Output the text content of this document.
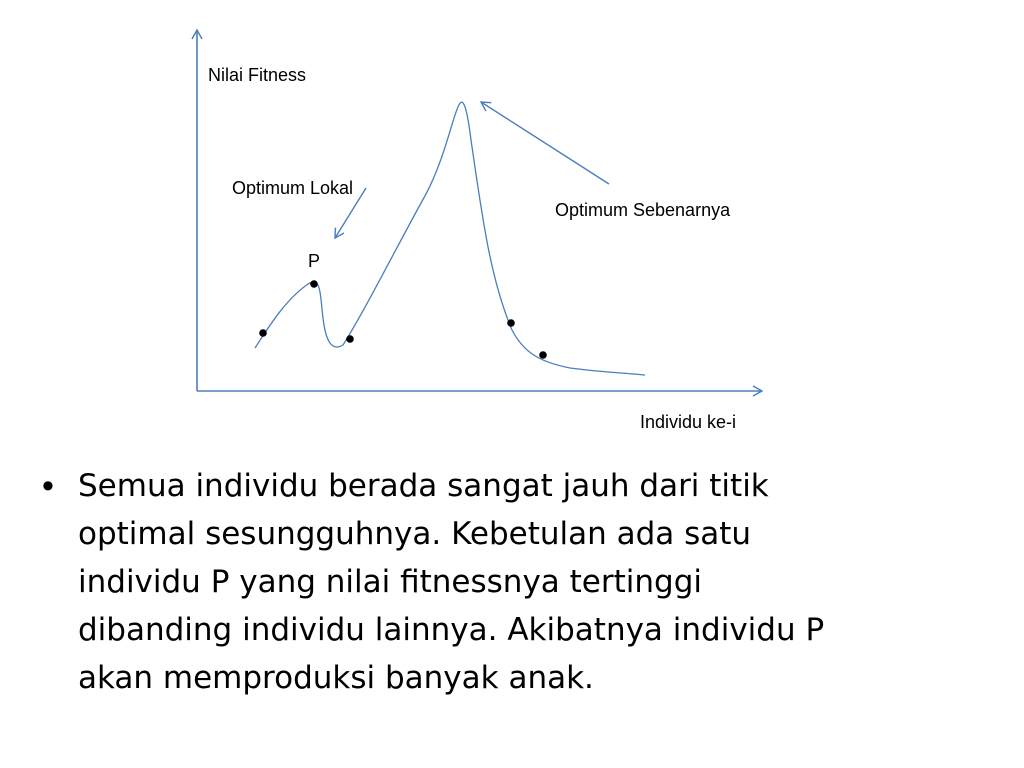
Nilai Fitness
Optimum Lokal
Optimum Sebenarnya
P
Individu ke-i
• Semua individu berada sangat jauh dari titik
optimal sesungguhnya. Kebetulan ada satu
individu P yang nilai fitnessnya tertinggi
dibanding individu lainnya. Akibatnya individu P
akan memproduksi banyak anak.
